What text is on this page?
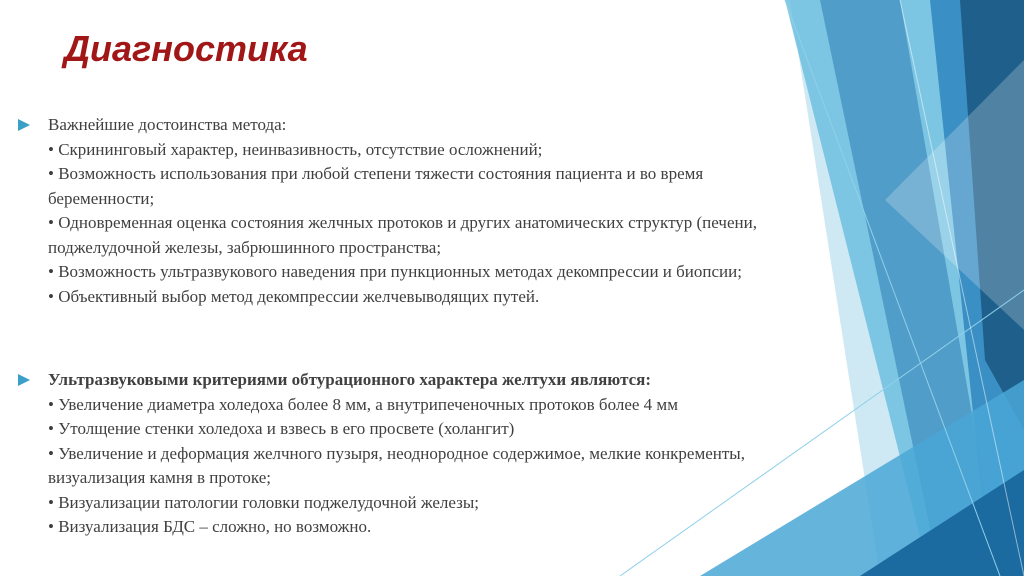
Диагностика

Важнейшие достоинства метода:

• Скрининговый характер, неинвазивность, отсутствие осложнений;

• Возможность использования при любой степени тяжести состояния пациента и во время беременности;

• Одновременная оценка состояния желчных протоков и других анатомических структур (печени, поджелудочной железы, забрюшинного пространства;

• Возможность ультразвукового наведения при пункционных методах декомпрессии и биопсии;

• Объективный выбор метод декомпрессии желчевыводящих путей.

Ультразвуковыми критериями обтурационного характера желтухи являются:

• Увеличение диаметра холедоха более 8 мм, а внутрипеченочных протоков более 4 мм

• Утолщение стенки холедоха и взвесь в его просвете (холангит)

• Увеличение и деформация желчного пузыря, неоднородное содержимое, мелкие конкременты, визуализация камня в протоке;

• Визуализации патологии головки поджелудочной железы;

• Визуализация БДС – сложно, но возможно.
